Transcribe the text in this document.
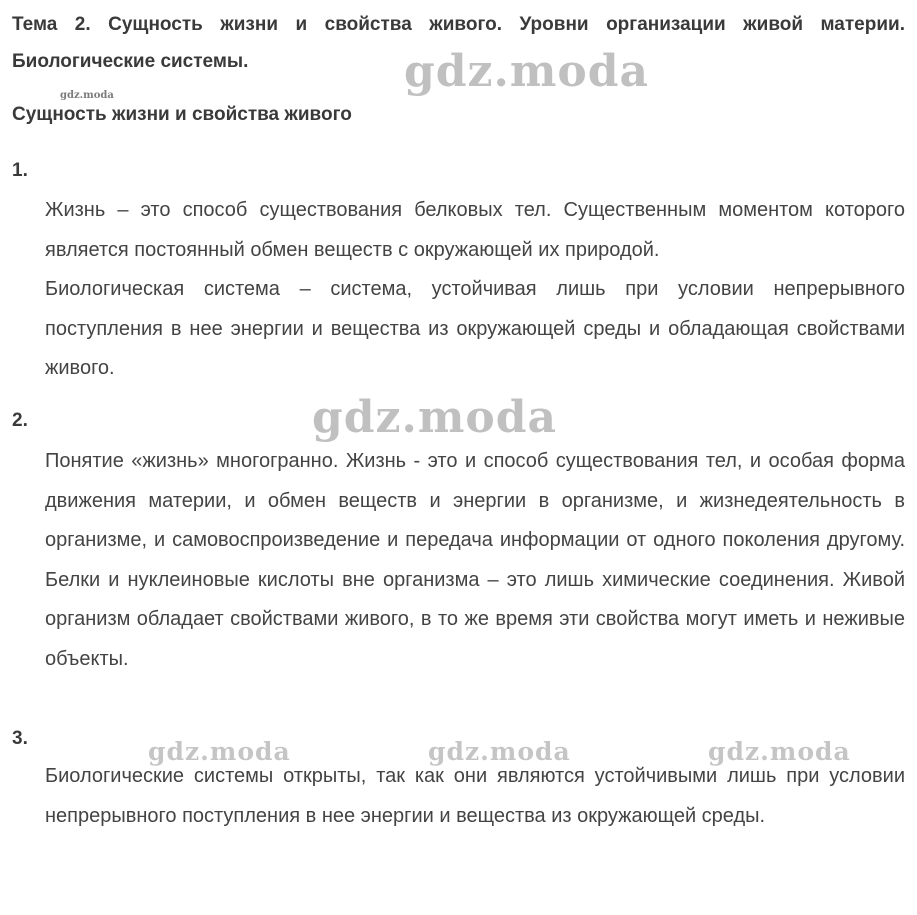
Тема 2. Сущность жизни и свойства живого. Уровни организации живой материи. Биологические системы.	gdz.moda
gdz.moda
Сущность жизни и свойства живого
1.

Жизнь – это способ существования белковых тел. Существенным моментом которого является постоянный обмен веществ с окружающей их природой.

Биологическая система – система, устойчивая лишь при условии непрерывного поступления в нее энергии и вещества из окружающей среды и обладающая свойствами живого.

2.	gdz.moda

Понятие «жизнь» многогранно. Жизнь - это и способ существования тел, и особая форма движения материи, и обмен веществ и энергии в организме, и жизнедеятельность в организме, и самовоспроизведение и передача информации от одного поколения другому. Белки и нуклеиновые кислоты вне организма – это лишь химические соединения. Живой организм обладает свойствами живого, в то же время эти свойства могут иметь и неживые объекты.

3.	gdz.moda	gdz.moda	gdz.moda

Биологические системы открыты, так как они являются устойчивыми лишь при условии непрерывного поступления в нее энергии и вещества из окружающей среды.
